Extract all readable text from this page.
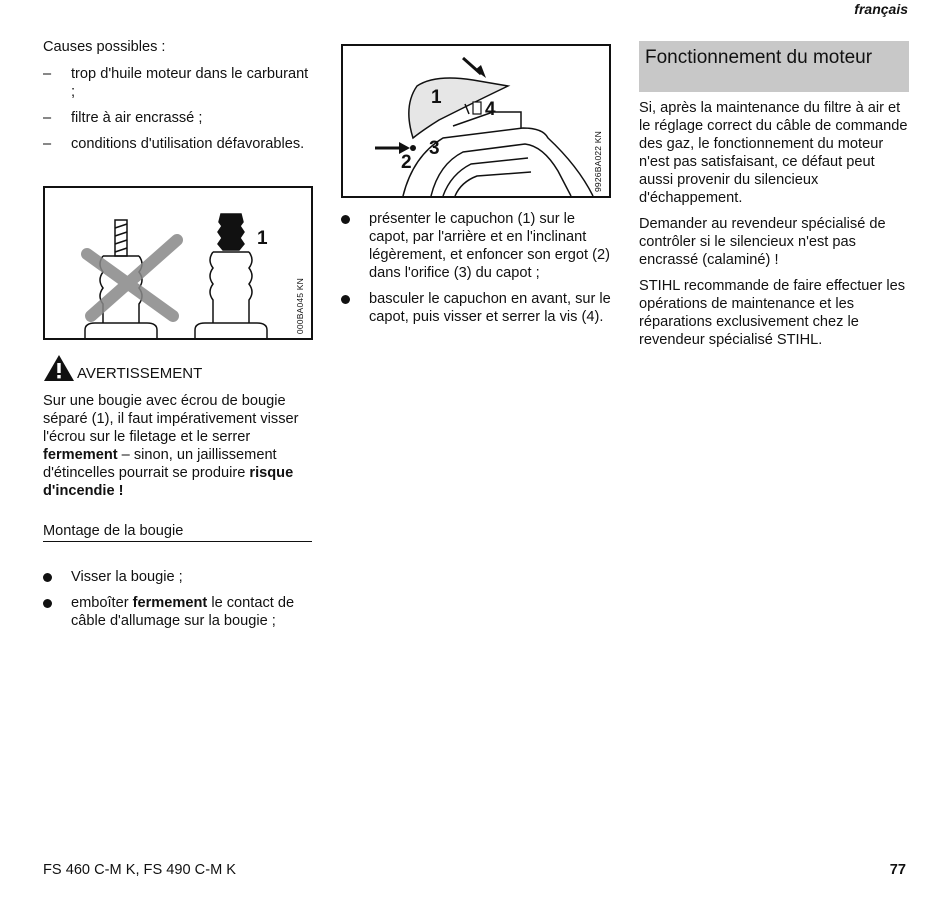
français

Causes possibles :

– trop d'huile moteur dans le carburant ;
– filtre à air encrassé ;
– conditions d'utilisation défavorables.
1
000BA045 KN
AVERTISSEMENT

Sur une bougie avec écrou de bougie séparé (1), il faut impérativement visser l'écrou sur le filetage et le serrer fermement – sinon, un jaillissement d'étincelles pourrait se produire risque d'incendie !

Montage de la bougie
Visser la bougie ;
emboîter fermement le contact de câble d'allumage sur la bougie ;
1
2
3
4
9926BA022 KN
présenter le capuchon (1) sur le capot, par l'arrière et en l'inclinant légèrement, et enfoncer son ergot (2) dans l'orifice (3) du capot ;
basculer le capuchon en avant, sur le capot, puis visser et serrer la vis (4).
Fonctionnement du moteur

Si, après la maintenance du filtre à air et le réglage correct du câble de commande des gaz, le fonctionnement du moteur n'est pas satisfaisant, ce défaut peut aussi provenir du silencieux d'échappement.

Demander au revendeur spécialisé de contrôler si le silencieux n'est pas encrassé (calaminé) !

STIHL recommande de faire effectuer les opérations de maintenance et les réparations exclusivement chez le revendeur spécialisé STIHL.

FS 460 C-M K, FS 490 C-M K	77
